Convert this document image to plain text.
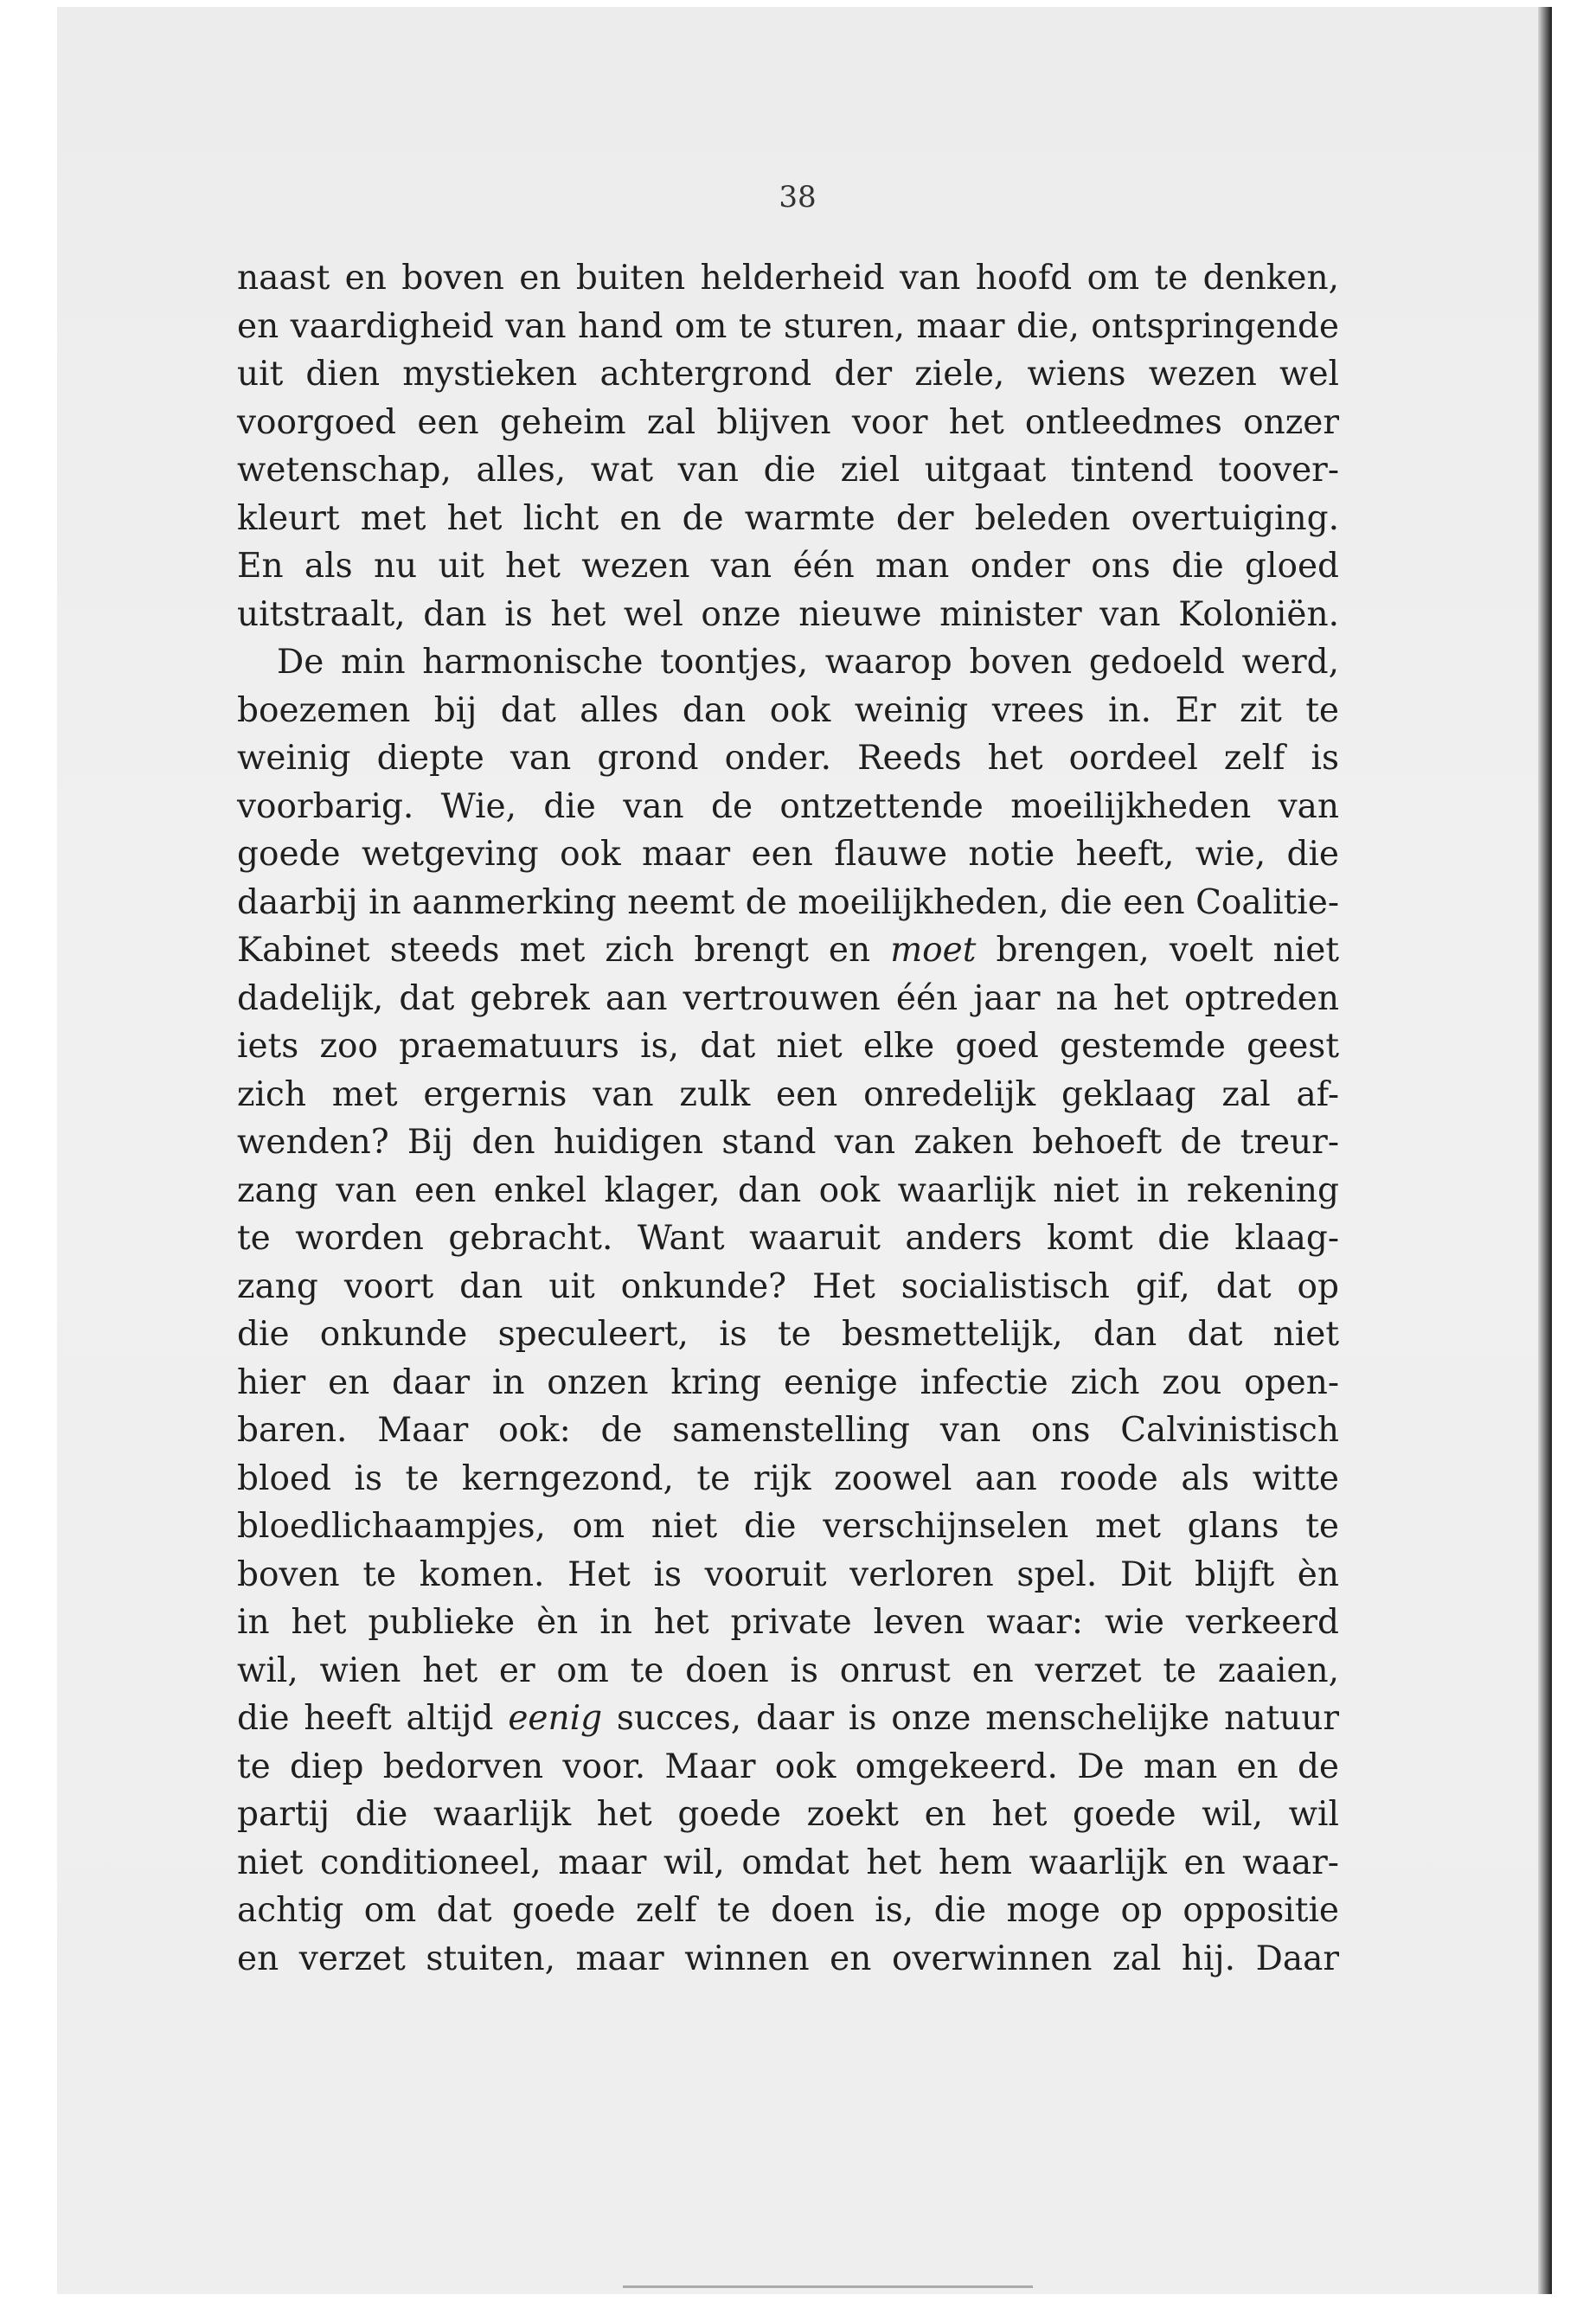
38
naast en boven en buiten helderheid van hoofd om te denken,
en vaardigheid van hand om te sturen, maar die, ontspringende
uit dien mystieken achtergrond der ziele, wiens wezen wel
voorgoed een geheim zal blijven voor het ontleedmes onzer
wetenschap, alles, wat van die ziel uitgaat tintend toover-
kleurt met het licht en de warmte der beleden overtuiging.
En als nu uit het wezen van één man onder ons die gloed
uitstraalt, dan is het wel onze nieuwe minister van Koloniën.
De min harmonische toontjes, waarop boven gedoeld werd,
boezemen bij dat alles dan ook weinig vrees in. Er zit te
weinig diepte van grond onder. Reeds het oordeel zelf is
voorbarig. Wie, die van de ontzettende moeilijkheden van
goede wetgeving ook maar een flauwe notie heeft, wie, die
daarbij in aanmerking neemt de moeilijkheden, die een Coalitie-
Kabinet steeds met zich brengt en moet brengen, voelt niet
dadelijk, dat gebrek aan vertrouwen één jaar na het optreden
iets zoo praematuurs is, dat niet elke goed gestemde geest
zich met ergernis van zulk een onredelijk geklaag zal af-
wenden? Bij den huidigen stand van zaken behoeft de treur-
zang van een enkel klager, dan ook waarlijk niet in rekening
te worden gebracht. Want waaruit anders komt die klaag-
zang voort dan uit onkunde? Het socialistisch gif, dat op
die onkunde speculeert, is te besmettelijk, dan dat niet
hier en daar in onzen kring eenige infectie zich zou open-
baren. Maar ook: de samenstelling van ons Calvinistisch
bloed is te kerngezond, te rijk zoowel aan roode als witte
bloedlichaampjes, om niet die verschijnselen met glans te
boven te komen. Het is vooruit verloren spel. Dit blijft èn
in het publieke èn in het private leven waar: wie verkeerd
wil, wien het er om te doen is onrust en verzet te zaaien,
die heeft altijd eenig succes, daar is onze menschelijke natuur
te diep bedorven voor. Maar ook omgekeerd. De man en de
partij die waarlijk het goede zoekt en het goede wil, wil
niet conditioneel, maar wil, omdat het hem waarlijk en waar-
achtig om dat goede zelf te doen is, die moge op oppositie
en verzet stuiten, maar winnen en overwinnen zal hij. Daar
